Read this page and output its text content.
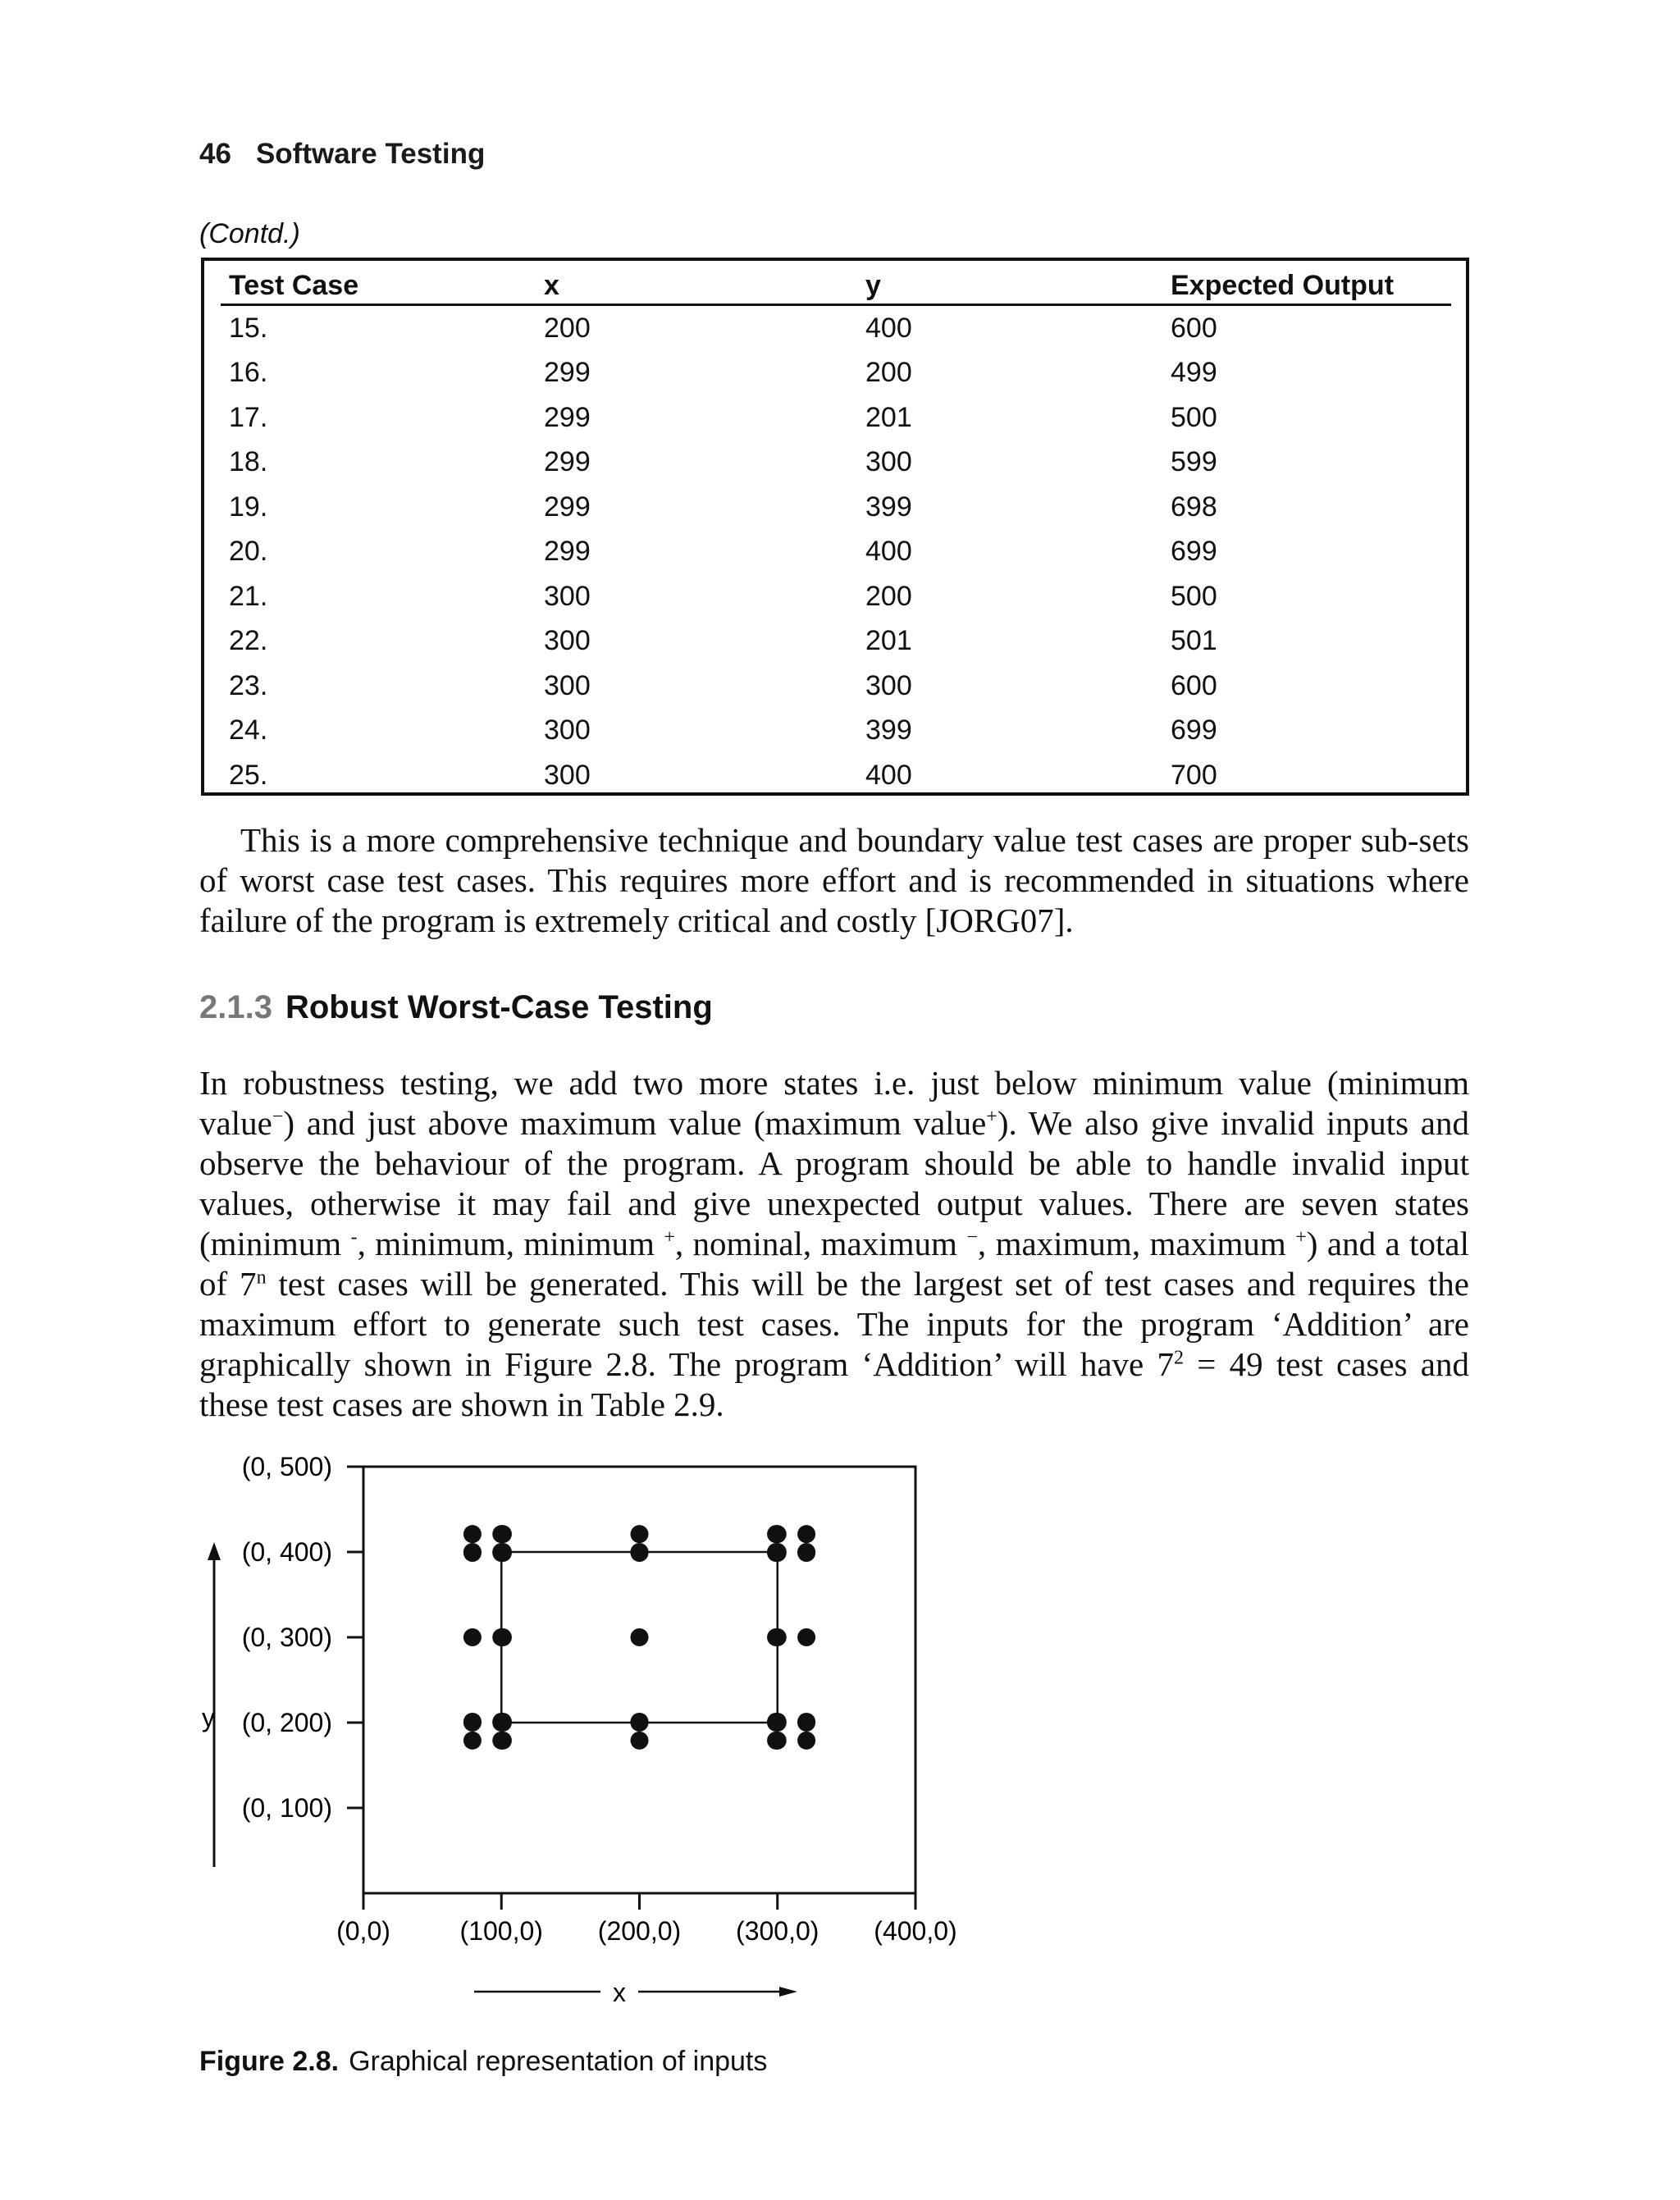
46 Software Testing
(Contd.)
Test Case	x	y	Expected Output
15.	200	400	600
16.	299	200	499
17.	299	201	500
18.	299	300	599
19.	299	399	698
20.	299	400	699
21.	300	200	500
22.	300	201	501
23.	300	300	600
24.	300	399	699
25.	300	400	700
This is a more comprehensive technique and boundary value test cases are proper sub-sets of worst case test cases. This requires more effort and is recommended in situations where failure of the program is extremely critical and costly [JORG07].
2.1.3 Robust Worst-Case Testing
In robustness testing, we add two more states i.e. just below minimum value (minimum value−) and just above maximum value (maximum value+). We also give invalid inputs and observe the behaviour of the program. A program should be able to handle invalid input values, otherwise it may fail and give unexpected output values. There are seven states (minimum -, minimum, minimum +, nominal, maximum −, maximum, maximum +) and a total of 7$^n$ test cases will be generated. This will be the largest set of test cases and requires the maximum effort to generate such test cases. The inputs for the program ‘Addition’ are graphically shown in Figure 2.8. The program ‘Addition’ will have $7^2 = 49$ test cases and these test cases are shown in Table 2.9.
y
x
(0, 500)
(0, 400)
(0, 300)
(0, 200)
(0, 100)
(0,0)	(100,0) (200,0) (300,0) (400,0)
Figure 2.8. Graphical representation of inputs
